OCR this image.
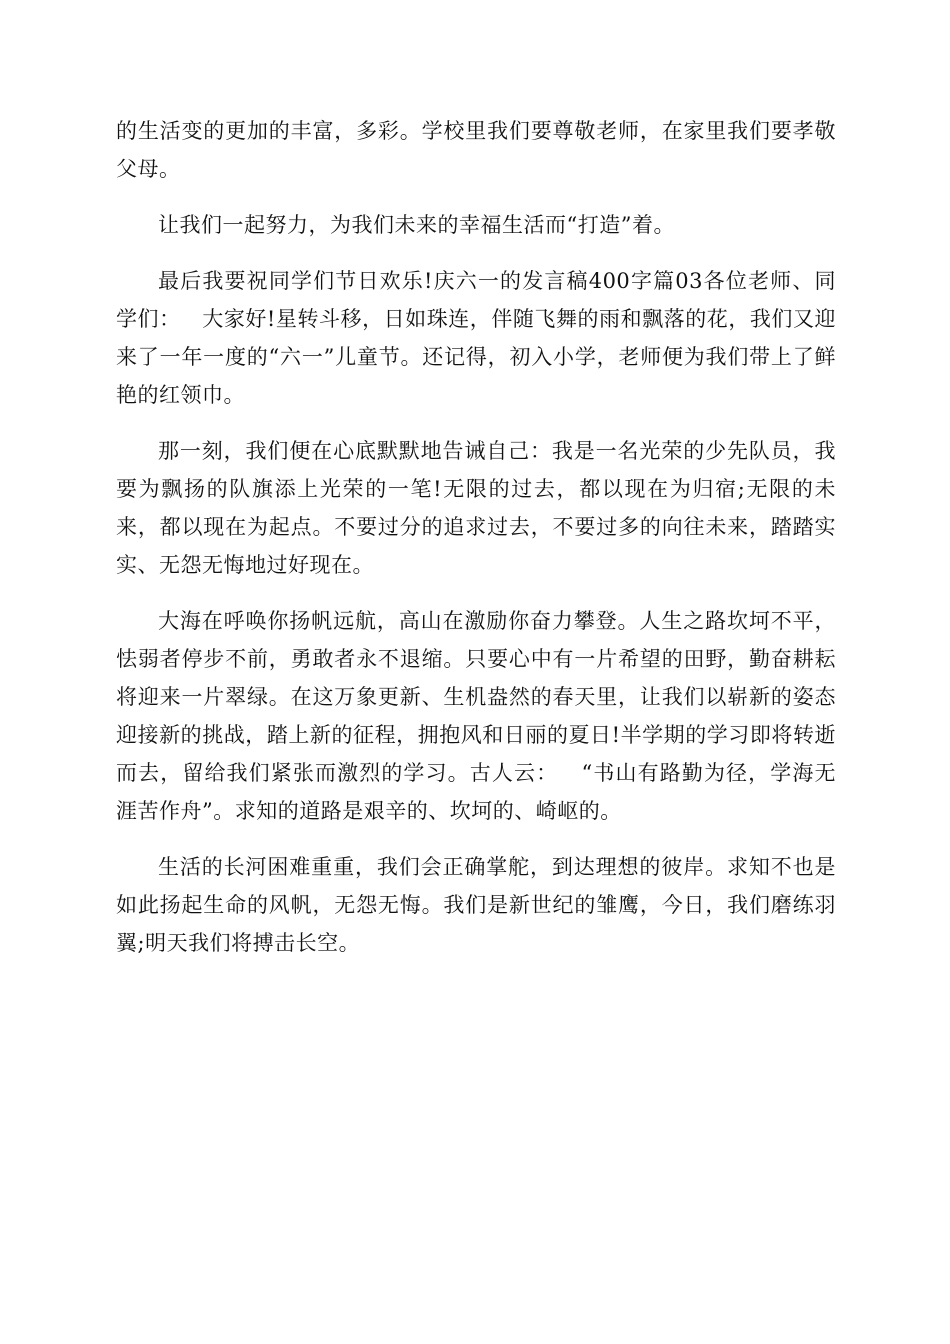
的生活变的更加的丰富，多彩。学校里我们要尊敬老师，在家里我们要孝敬父母。

让我们一起努力，为我们未来的幸福生活而“打造”着。

最后我要祝同学们节日欢乐!庆六一的发言稿400字篇03各位老师、同学们：   大家好!星转斗移，日如珠连，伴随飞舞的雨和飘落的花，我们又迎来了一年一度的“六一”儿童节。还记得，初入小学，老师便为我们带上了鲜艳的红领巾。

那一刻，我们便在心底默默地告诫自己：我是一名光荣的少先队员，我要为飘扬的队旗添上光荣的一笔!无限的过去，都以现在为归宿;无限的未来，都以现在为起点。不要过分的追求过去，不要过多的向往未来，踏踏实实、无怨无悔地过好现在。

大海在呼唤你扬帆远航，高山在激励你奋力攀登。人生之路坎坷不平，怯弱者停步不前，勇敢者永不退缩。只要心中有一片希望的田野，勤奋耕耘将迎来一片翠绿。在这万象更新、生机盎然的春天里，让我们以崭新的姿态迎接新的挑战，踏上新的征程，拥抱风和日丽的夏日!半学期的学习即将转逝而去，留给我们紧张而激烈的学习。古人云：   “书山有路勤为径，学海无涯苦作舟”。求知的道路是艰辛的、坎坷的、崎岖的。

生活的长河困难重重，我们会正确掌舵，到达理想的彼岸。求知不也是如此扬起生命的风帆，无怨无悔。我们是新世纪的雏鹰，今日，我们磨练羽翼;明天我们将搏击长空。
